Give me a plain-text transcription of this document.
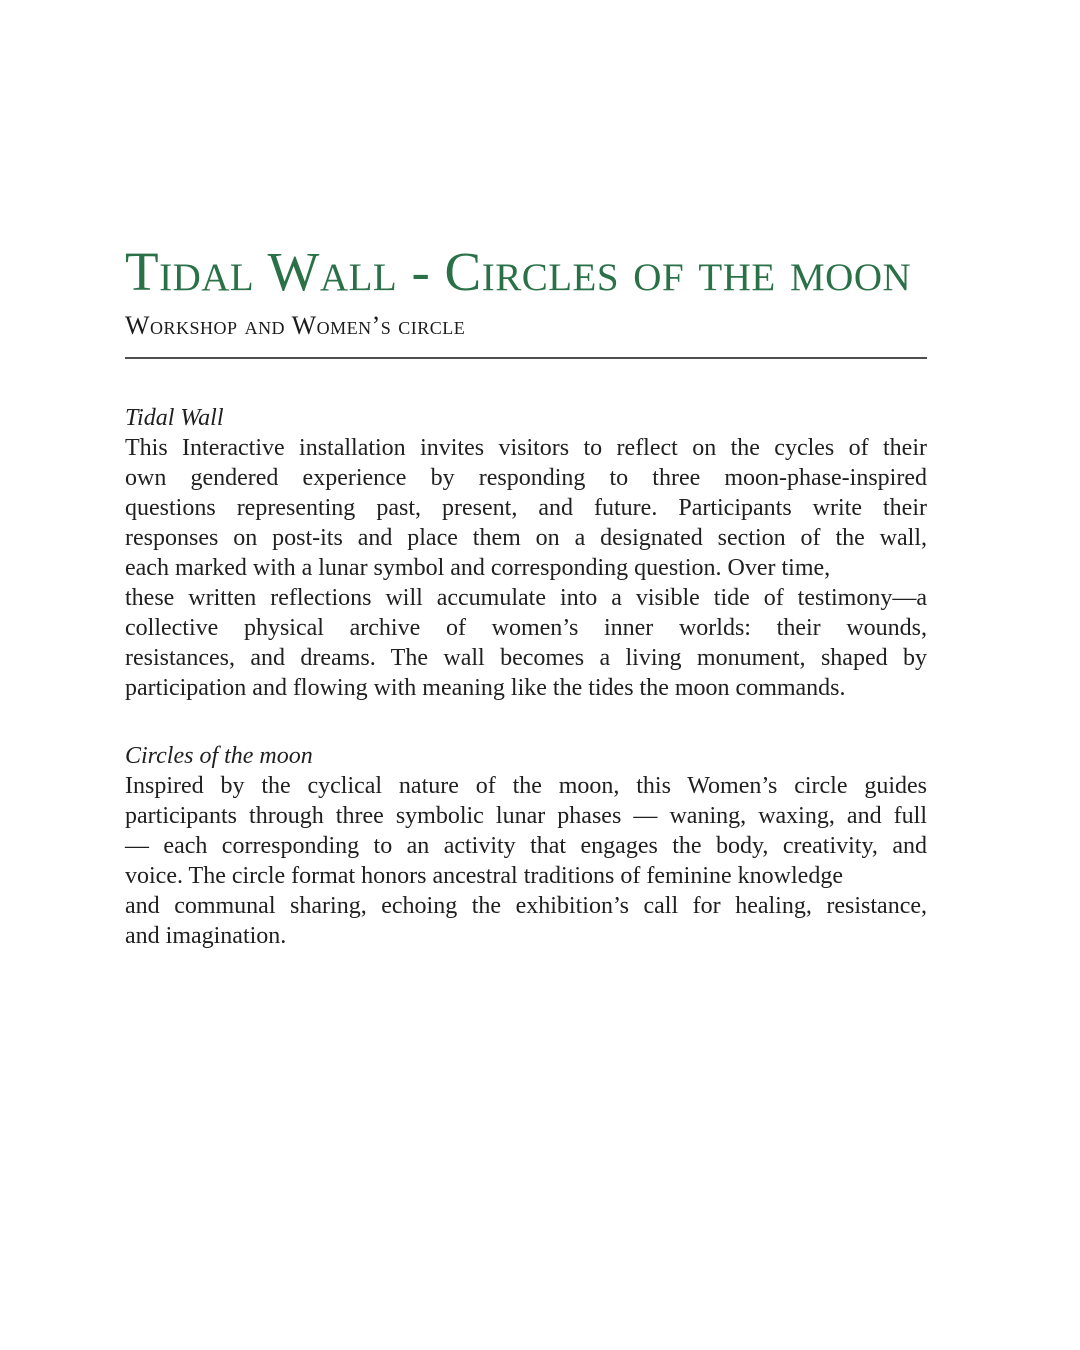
Tidal Wall - Circles of the moon
Workshop and Women’s circle
Tidal Wall
This Interactive installation invites visitors to reflect on the cycles of their
own gendered experience by responding to three moon-phase-inspired
questions representing past, present, and future. Participants write their
responses on post-its and place them on a designated section of the wall,
each marked with a lunar symbol and corresponding question. Over time,
these written reflections will accumulate into a visible tide of testimony—a
collective physical archive of women’s inner worlds: their wounds,
resistances, and dreams. The wall becomes a living monument, shaped by
participation and flowing with meaning like the tides the moon commands.
Circles of the moon
Inspired by the cyclical nature of the moon, this Women’s circle guides
participants through three symbolic lunar phases — waning, waxing, and full
— each corresponding to an activity that engages the body, creativity, and
voice. The circle format honors ancestral traditions of feminine knowledge
and communal sharing, echoing the exhibition’s call for healing, resistance,
and imagination.
